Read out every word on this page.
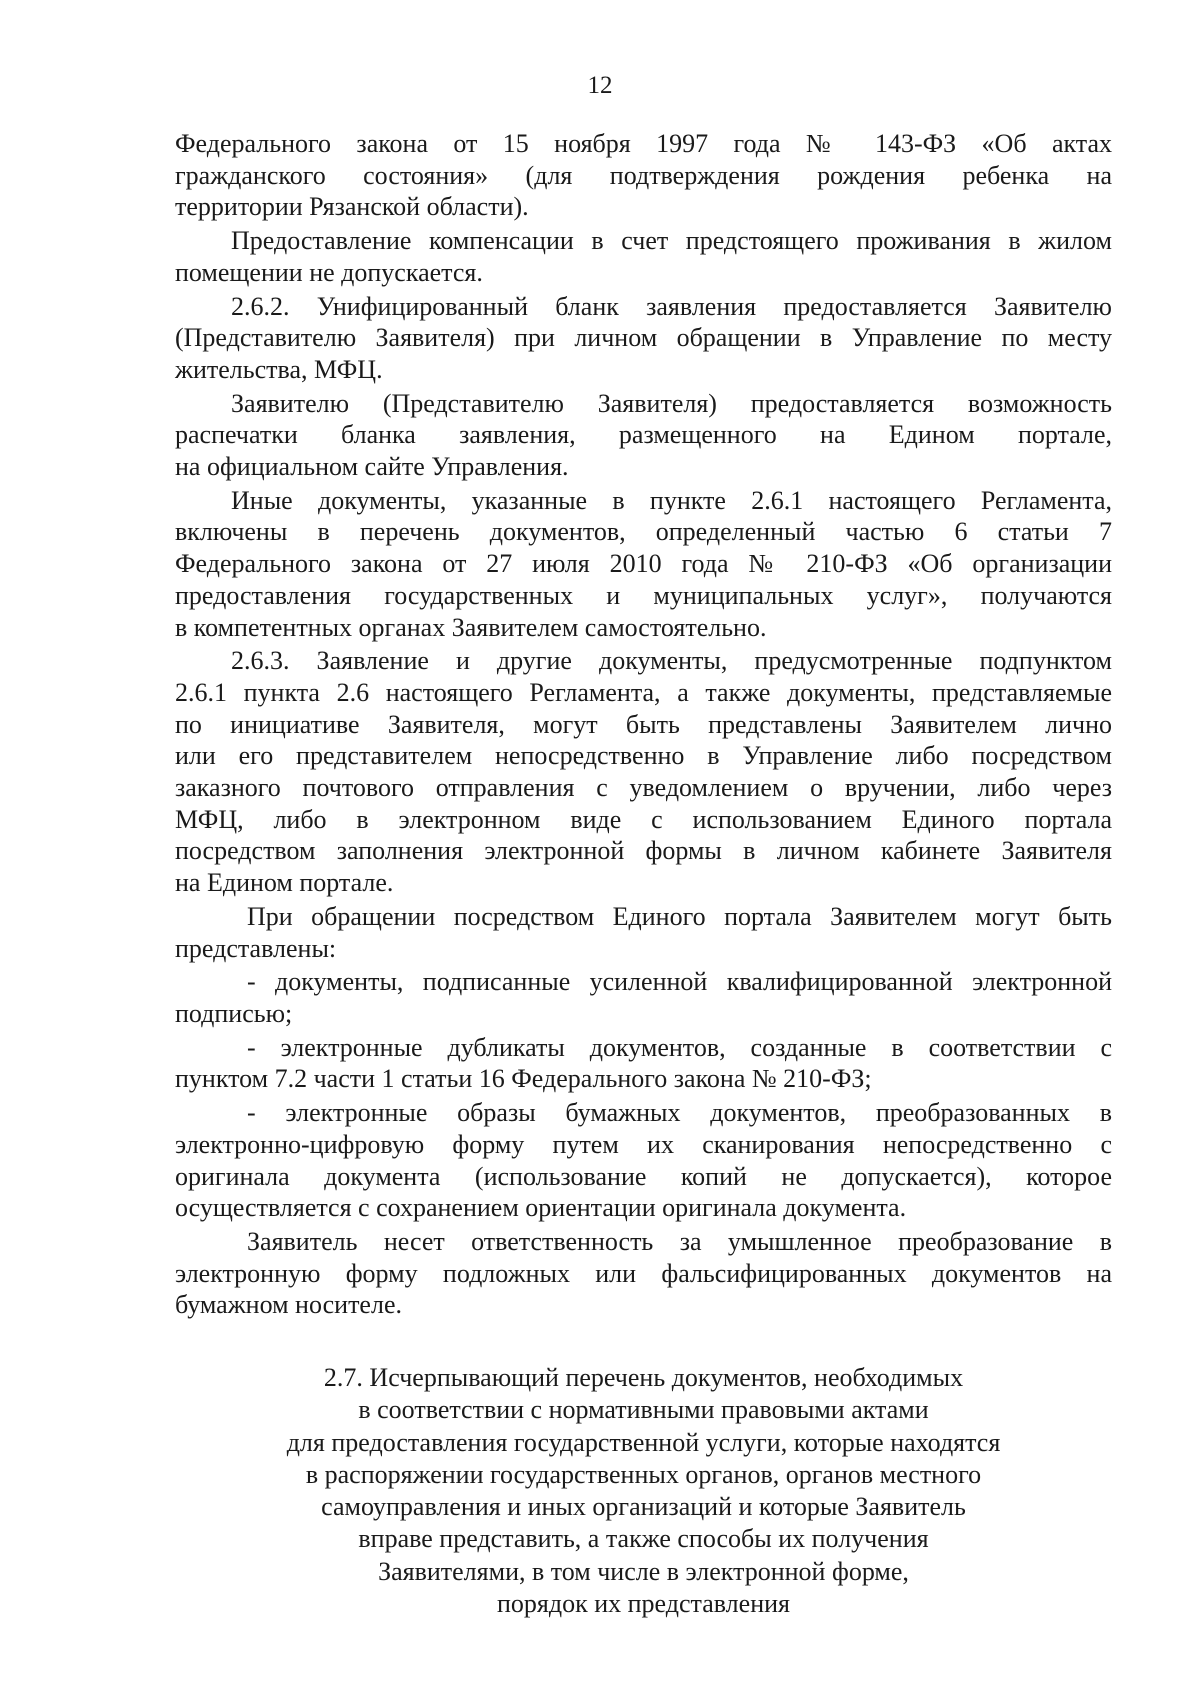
12

Федерального закона от 15 ноября 1997 года № 143-ФЗ «Об актах
гражданского состояния» (для подтверждения рождения ребенка на
территории Рязанской области).

Предоставление компенсации в счет предстоящего проживания в жилом
помещении не допускается.

2.6.2. Унифицированный бланк заявления предоставляется Заявителю
(Представителю Заявителя) при личном обращении в Управление по месту
жительства, МФЦ.

Заявителю (Представителю Заявителя) предоставляется возможность
распечатки бланка заявления, размещенного на Едином портале,
на официальном сайте Управления.

Иные документы, указанные в пункте 2.6.1 настоящего Регламента,
включены в перечень документов, определенный частью 6 статьи 7
Федерального закона от 27 июля 2010 года № 210-ФЗ «Об организации
предоставления государственных и муниципальных услуг», получаются
в компетентных органах Заявителем самостоятельно.

2.6.3. Заявление и другие документы, предусмотренные подпунктом
2.6.1 пункта 2.6 настоящего Регламента, а также документы, представляемые
по инициативе Заявителя, могут быть представлены Заявителем лично
или его представителем непосредственно в Управление либо посредством
заказного почтового отправления с уведомлением о вручении, либо через
МФЦ, либо в электронном виде с использованием Единого портала
посредством заполнения электронной формы в личном кабинете Заявителя
на Едином портале.

При обращении посредством Единого портала Заявителем могут быть
представлены:

- документы, подписанные усиленной квалифицированной электронной
подписью;

- электронные дубликаты документов, созданные в соответствии с
пунктом 7.2 части 1 статьи 16 Федерального закона № 210-ФЗ;

- электронные образы бумажных документов, преобразованных в
электронно-цифровую форму путем их сканирования непосредственно с
оригинала документа (использование копий не допускается), которое
осуществляется с сохранением ориентации оригинала документа.

Заявитель несет ответственность за умышленное преобразование в
электронную форму подложных или фальсифицированных документов на
бумажном носителе.

2.7. Исчерпывающий перечень документов, необходимых
в соответствии с нормативными правовыми актами
для предоставления государственной услуги, которые находятся
в распоряжении государственных органов, органов местного
самоуправления и иных организаций и которые Заявитель
вправе представить, а также способы их получения
Заявителями, в том числе в электронной форме,
порядок их представления
